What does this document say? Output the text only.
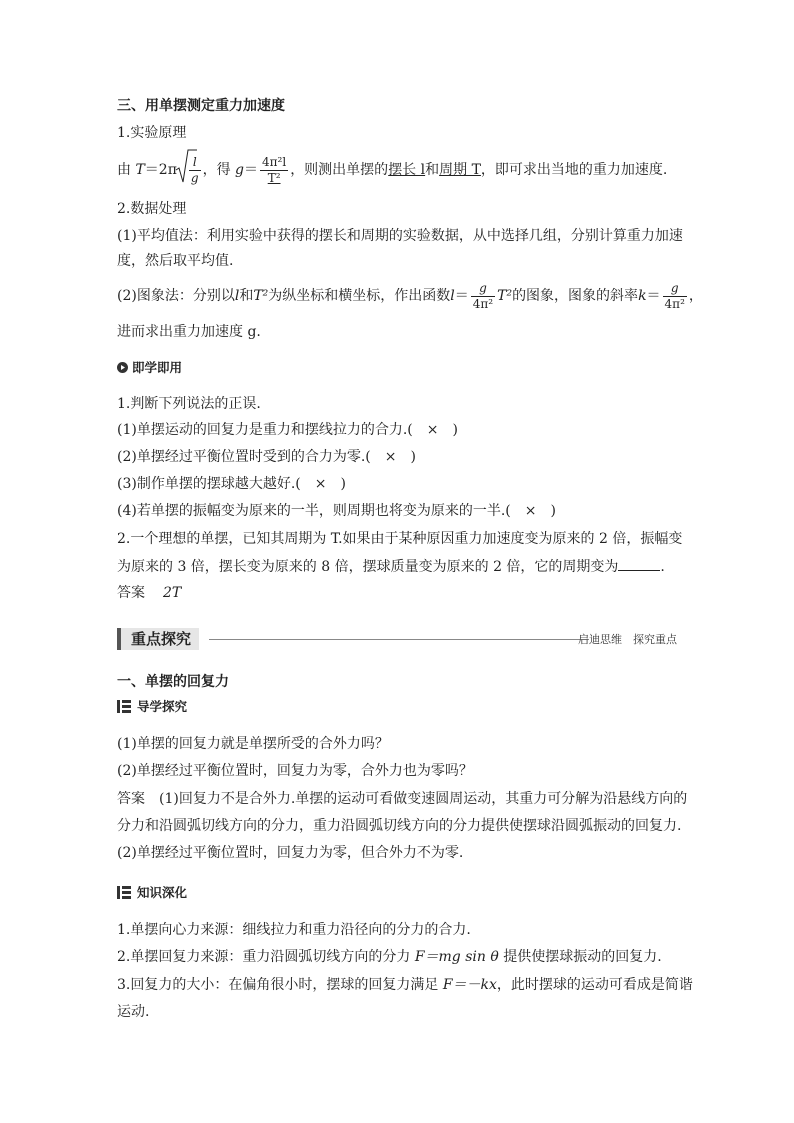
三、用单摆测定重力加速度
1.实验原理
由 $T=2\pi \frac{l}{g}$ ，得 $g= \frac{\text{4π²l}}{\text{T²}}$ ，则测出单摆的摆长 l和周期 T，即可求出当地的重力加速度.
2.数据处理
(1)平均值法：利用实验中获得的摆长和周期的实验数据，从中选择几组，分别计算重力加速
度，然后取平均值.
(2)图象法：分别以l和T²为纵坐标和横坐标，作出函数$l= \frac{g}{\text{4π²}} T^2$的图象，图象的斜率$k= \frac{g}{\text{4π²}}$ ，
进而求出重力加速度 g.
即学即用
1.判断下列说法的正误.
(1)单摆运动的回复力是重力和摆线拉力的合力.(　×　)
(2)单摆经过平衡位置时受到的合力为零.(　×　)
(3)制作单摆的摆球越大越好.(　×　)
(4)若单摆的振幅变为原来的一半，则周期也将变为原来的一半.(　×　)
2.一个理想的单摆，已知其周期为 T.如果由于某种原因重力加速度变为原来的 2 倍，振幅变
为原来的 3 倍，摆长变为原来的 8 倍，摆球质量变为原来的 2 倍，它的周期变为	.
答案 2T
重点探究	启迪思维　探究重点
一、单摆的回复力
导学探究
(1)单摆的回复力就是单摆所受的合外力吗？
(2)单摆经过平衡位置时，回复力为零，合外力也为零吗？
答案 (1)回复力不是合外力.单摆的运动可看做变速圆周运动，其重力可分解为沿悬线方向的
分力和沿圆弧切线方向的分力，重力沿圆弧切线方向的分力提供使摆球沿圆弧振动的回复力.
(2)单摆经过平衡位置时，回复力为零，但合外力不为零.
知识深化
1.单摆向心力来源：细线拉力和重力沿径向的分力的合力.
2.单摆回复力来源：重力沿圆弧切线方向的分力 F＝mg sin θ 提供使摆球振动的回复力.
3.回复力的大小：在偏角很小时，摆球的回复力满足 F＝－kx，此时摆球的运动可看成是简谐
运动.
